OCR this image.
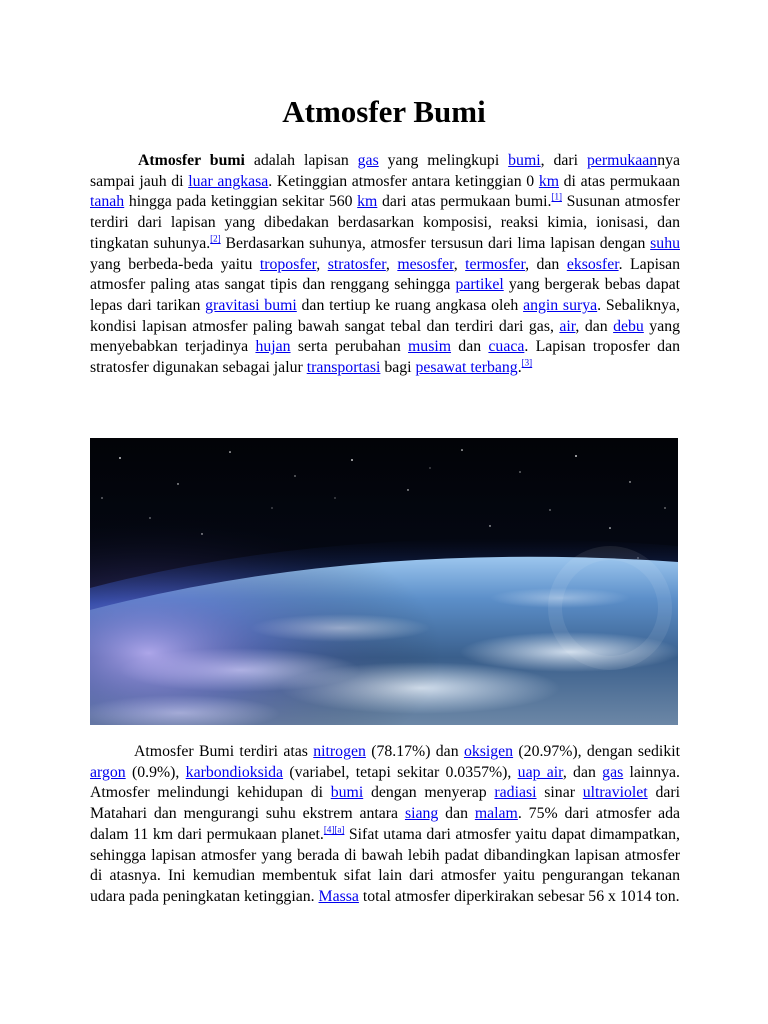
Atmosfer Bumi

Atmosfer bumi adalah lapisan gas yang melingkupi bumi, dari permukaannya sampai jauh di luar angkasa. Ketinggian atmosfer antara ketinggian 0 km di atas permukaan tanah hingga pada ketinggian sekitar 560 km dari atas permukaan bumi.[1] Susunan atmosfer terdiri dari lapisan yang dibedakan berdasarkan komposisi, reaksi kimia, ionisasi, dan tingkatan suhunya.[2] Berdasarkan suhunya, atmosfer tersusun dari lima lapisan dengan suhu yang berbeda-beda yaitu troposfer, stratosfer, mesosfer, termosfer, dan eksosfer. Lapisan atmosfer paling atas sangat tipis dan renggang sehingga partikel yang bergerak bebas dapat lepas dari tarikan gravitasi bumi dan tertiup ke ruang angkasa oleh angin surya. Sebaliknya, kondisi lapisan atmosfer paling bawah sangat tebal dan terdiri dari gas, air, dan debu yang menyebabkan terjadinya hujan serta perubahan musim dan cuaca. Lapisan troposfer dan stratosfer digunakan sebagai jalur transportasi bagi pesawat terbang.[3]

Atmosfer Bumi terdiri atas nitrogen (78.17%) dan oksigen (20.97%), dengan sedikit argon (0.9%), karbondioksida (variabel, tetapi sekitar 0.0357%), uap air, dan gas lainnya. Atmosfer melindungi kehidupan di bumi dengan menyerap radiasi sinar ultraviolet dari Matahari dan mengurangi suhu ekstrem antara siang dan malam. 75% dari atmosfer ada dalam 11 km dari permukaan planet.[4][a] Sifat utama dari atmosfer yaitu dapat dimampatkan, sehingga lapisan atmosfer yang berada di bawah lebih padat dibandingkan lapisan atmosfer di atasnya. Ini kemudian membentuk sifat lain dari atmosfer yaitu pengurangan tekanan udara pada peningkatan ketinggian. Massa total atmosfer diperkirakan sebesar 56 x 1014 ton.
